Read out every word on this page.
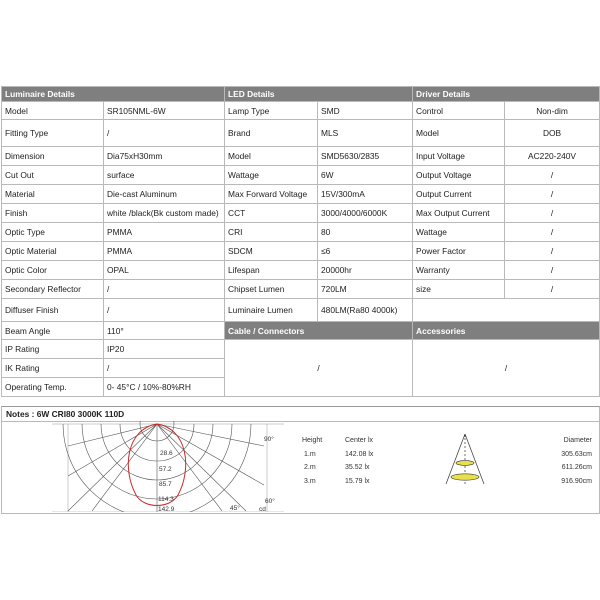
Luminaire Details		LED Details		Driver Details	
Model	SR105NML-6W	Lamp Type	SMD	Control	Non-dim
Fitting Type	/	Brand	MLS	Model	DOB
Dimension	Dia75xH30mm	Model	SMD5630/2835	Input Voltage	AC220-240V
Cut Out	surface	Wattage	6W	Output Voltage	/
Material	Die-cast Aluminum	Max Forward Voltage	15V/300mA	Output Current	/
Finish	white /black(Bk custom made)	CCT	3000/4000/6000K	Max Output Current	/
Optic Type	PMMA	CRI	80	Wattage	/
Optic Material	PMMA	SDCM	≤6	Power Factor	/
Optic Color	OPAL	Lifespan	20000hr	Warranty	/
Secondary Reflector	/	Chipset Lumen	720LM	size	/
Diffuser Finish	/	Luminaire Lumen	480LM(Ra80 4000k)		
Beam Angle	110°	Cable / Connectors		Accessories	
IP Rating	IP20	/		/	
IK Rating	/				
Operating Temp.	0- 45°C / 10%-80%RH				
Notes : 6W CRI80 3000K 110D
28.6
57.2
85.7
114.3
142.9
90°
60°
45°	cd
Height	Center lx	Diameter
1.m	142.08 lx	305.63cm
2.m	35.52 lx	611.26cm
3.m	15.79 lx	916.90cm
